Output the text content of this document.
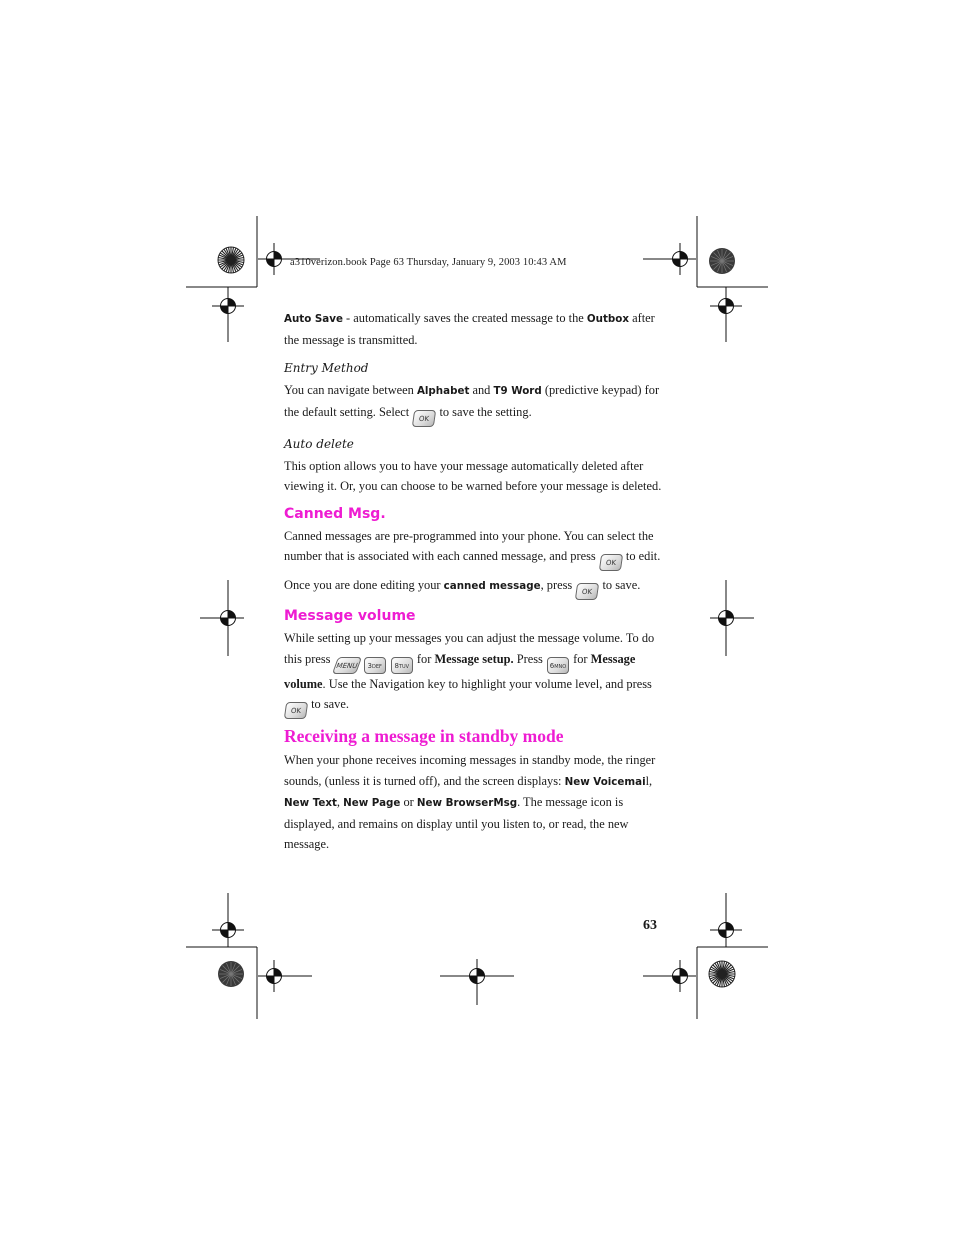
a310verizon.book Page 63 Thursday, January 9, 2003 10:43 AM

Auto Save - automatically saves the created message to the Outbox after the message is transmitted.

Entry Method

You can navigate between Alphabet and T9 Word (predictive keypad) for the default setting. Select OK to save the setting.

Auto delete

This option allows you to have your message automatically deleted after viewing it. Or, you can choose to be warned before your message is deleted.

Canned Msg.

Canned messages are pre-programmed into your phone. You can select the number that is associated with each canned message, and press OK to edit.

Once you are done editing your canned message, press OK to save.

Message volume

While setting up your messages you can adjust the message volume. To do this press MENU 3DEF 8TUV for Message setup. Press 6MNO for Message volume. Use the Navigation key to highlight your volume level, and press OK to save.

Receiving a message in standby mode

When your phone receives incoming messages in standby mode, the ringer sounds, (unless it is turned off), and the screen displays: New Voicemail, New Text, New Page or New BrowserMsg. The message icon is displayed, and remains on display until you listen to, or read, the new message.

63
